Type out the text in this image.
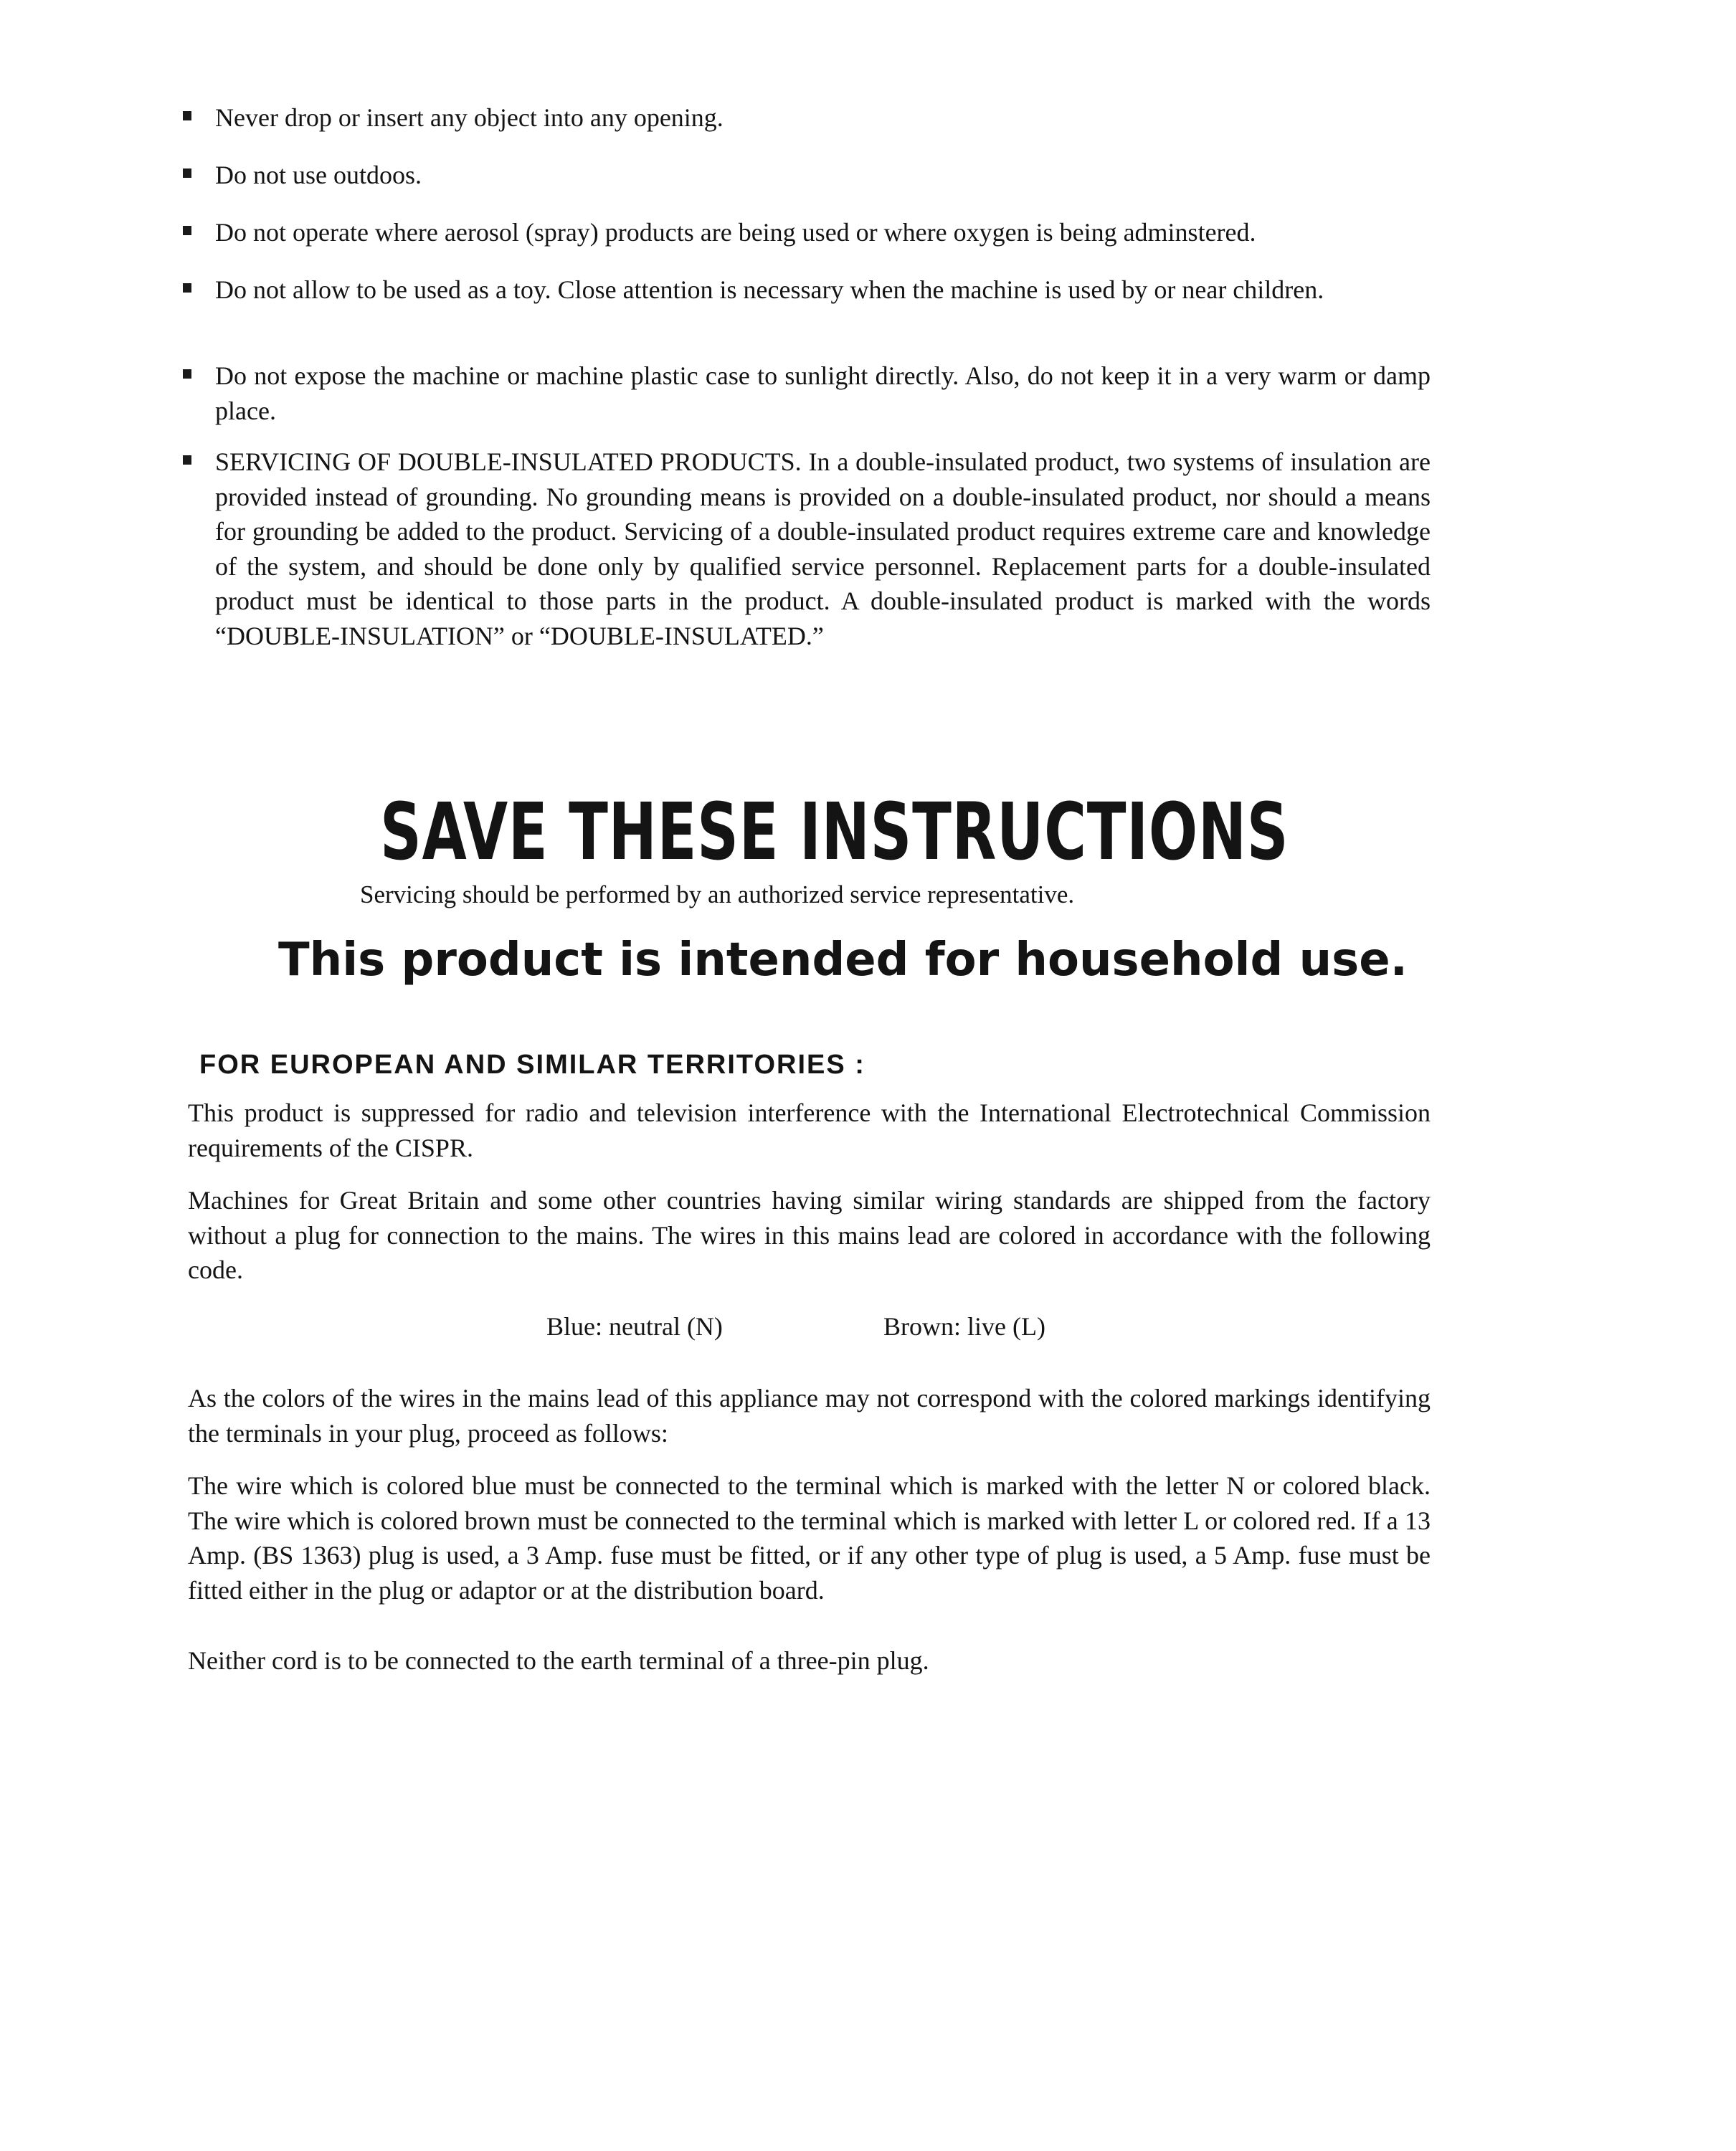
Never drop or insert any object into any opening.
Do not use outdoos.
Do not operate where aerosol (spray) products are being used or where oxygen is being adminstered.
Do not allow to be used as a toy. Close attention is necessary when the machine is used by or near children.
Do not expose the machine or machine plastic case to sunlight directly. Also, do not keep it in a very warm or damp place.
SERVICING OF DOUBLE-INSULATED PRODUCTS. In a double-insulated product, two systems of insulation are provided instead of grounding. No grounding means is provided on a double-insulated product, nor should a means for grounding be added to the product. Servicing of a double-insulated product requires extreme care and knowledge of the system, and should be done only by qualified service personnel. Replacement parts for a double-insulated product must be identical to those parts in the product. A double-insulated product is marked with the words “DOUBLE-INSULATION” or “DOUBLE-INSULATED.”
SAVE THESE INSTRUCTIONS
Servicing should be performed by an authorized service representative.
This product is intended for household use.
FOR EUROPEAN AND SIMILAR TERRITORIES :

This product is suppressed for radio and television interference with the International Electrotechnical Commission requirements of the CISPR.

Machines for Great Britain and some other countries having similar wiring standards are shipped from the factory without a plug for connection to the mains. The wires in this mains lead are colored in accordance with the following code.

Blue: neutral (N)	Brown: live (L)

As the colors of the wires in the mains lead of this appliance may not correspond with the colored markings identifying the terminals in your plug, proceed as follows:

The wire which is colored blue must be connected to the terminal which is marked with the letter N or colored black. The wire which is colored brown must be connected to the terminal which is marked with letter L or colored red. If a 13 Amp. (BS 1363) plug is used, a 3 Amp. fuse must be fitted, or if any other type of plug is used, a 5 Amp. fuse must be fitted either in the plug or adaptor or at the distribution board.

Neither cord is to be connected to the earth terminal of a three-pin plug.
